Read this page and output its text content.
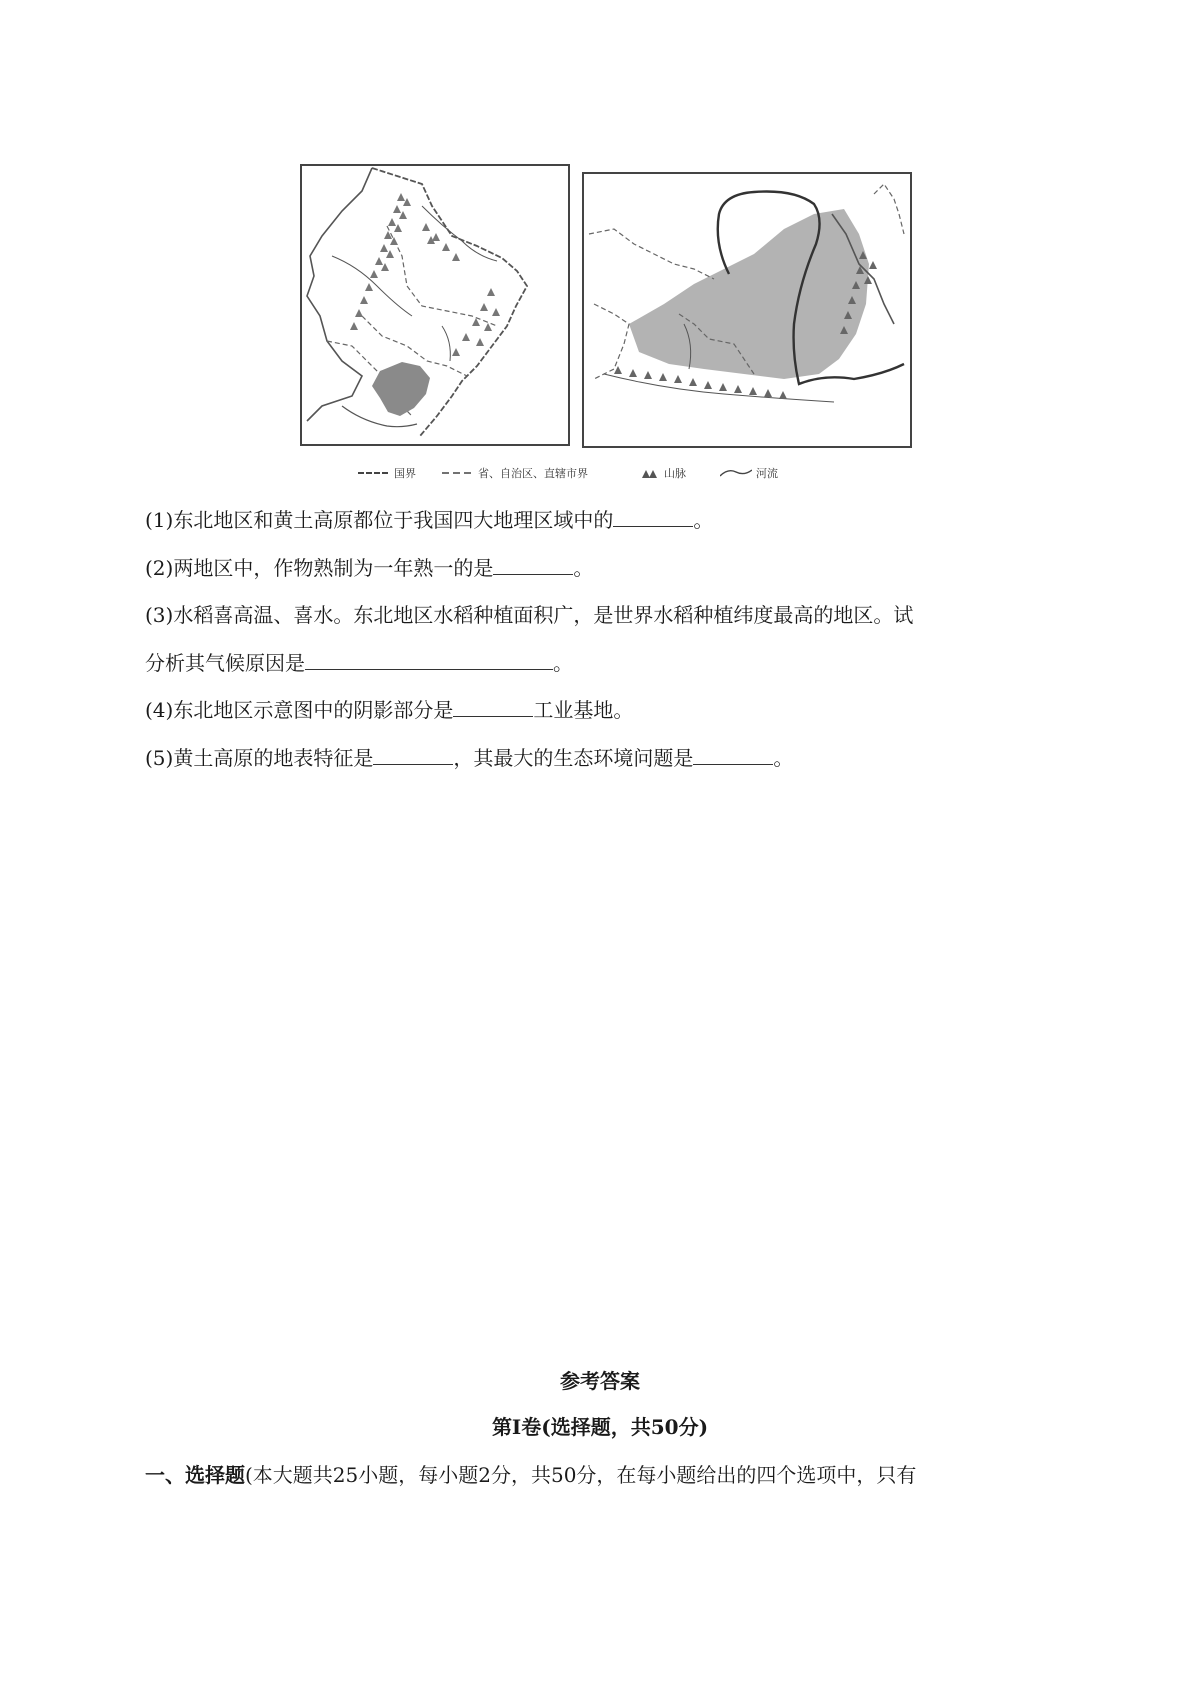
国界	省、自治区、直辖市界	山脉	河流
(1)东北地区和黄土高原都位于我国四大地理区域中的	。
(2)两地区中，作物熟制为一年熟一的是	。
(3)水稻喜高温、喜水。东北地区水稻种植面积广，是世界水稻种植纬度最高的地区。试
分析其气候原因是	。
(4)东北地区示意图中的阴影部分是	工业基地。
(5)黄土高原的地表特征是	，其最大的生态环境问题是	。
参考答案
第Ⅰ卷(选择题，共50分)
一、选择题(本大题共25小题，每小题2分，共50分，在每小题给出的四个选项中，只有
